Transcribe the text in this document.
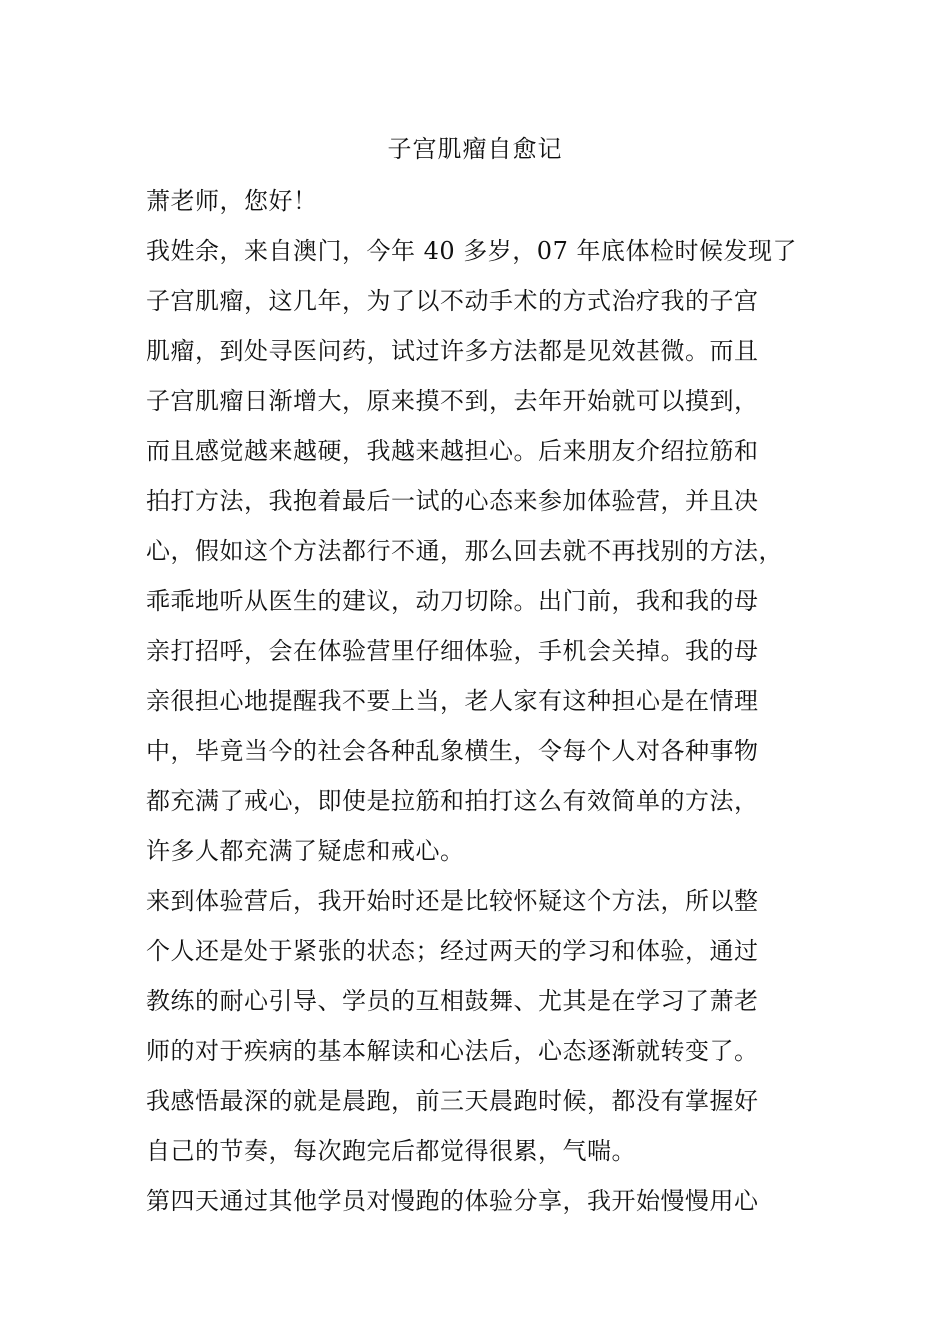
子宫肌瘤自愈记
萧老师，您好！
我姓余，来自澳门，今年 40 多岁，07 年底体检时候发现了
子宫肌瘤，这几年，为了以不动手术的方式治疗我的子宫
肌瘤，到处寻医问药，试过许多方法都是见效甚微。而且
子宫肌瘤日渐增大，原来摸不到，去年开始就可以摸到，
而且感觉越来越硬，我越来越担心。后来朋友介绍拉筋和
拍打方法，我抱着最后一试的心态来参加体验营，并且决
心，假如这个方法都行不通，那么回去就不再找别的方法，
乖乖地听从医生的建议，动刀切除。出门前，我和我的母
亲打招呼，会在体验营里仔细体验，手机会关掉。我的母
亲很担心地提醒我不要上当，老人家有这种担心是在情理
中，毕竟当今的社会各种乱象横生，令每个人对各种事物
都充满了戒心，即使是拉筋和拍打这么有效简单的方法，
许多人都充满了疑虑和戒心。
来到体验营后，我开始时还是比较怀疑这个方法，所以整
个人还是处于紧张的状态；经过两天的学习和体验，通过
教练的耐心引导、学员的互相鼓舞、尤其是在学习了萧老
师的对于疾病的基本解读和心法后，心态逐渐就转变了。
我感悟最深的就是晨跑，前三天晨跑时候，都没有掌握好
自己的节奏，每次跑完后都觉得很累，气喘。
第四天通过其他学员对慢跑的体验分享，我开始慢慢用心
